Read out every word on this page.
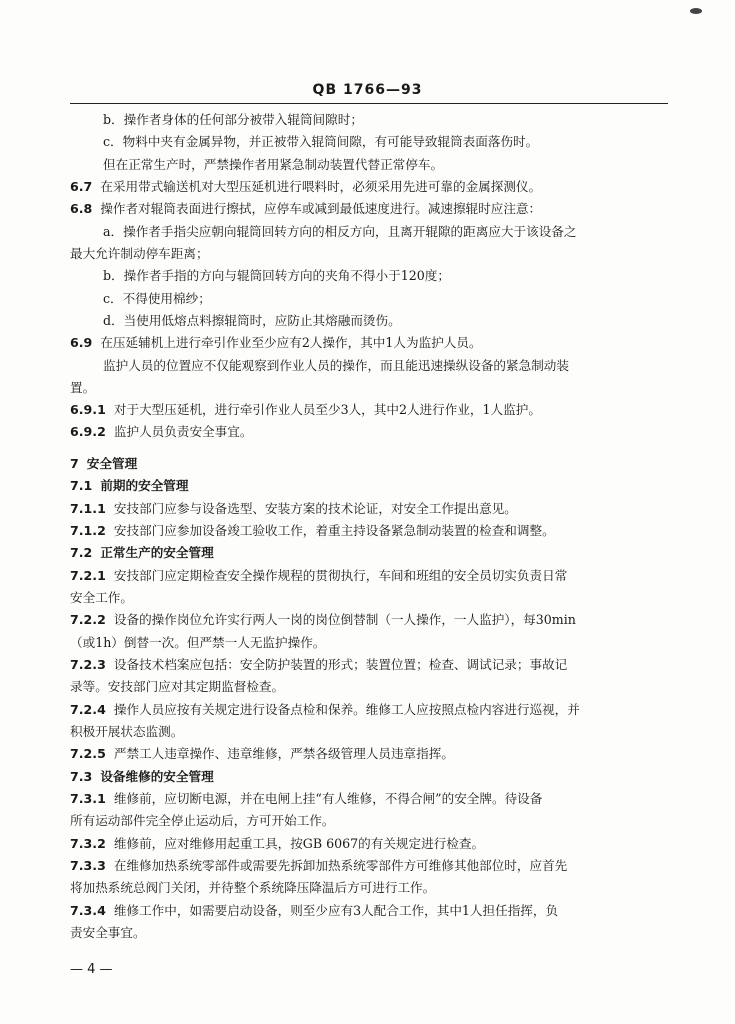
QB 1766—93
b．操作者身体的任何部分被带入辊筒间隙时；
c．物料中夹有金属异物，并正被带入辊筒间隙，有可能导致辊筒表面落伤时。
但在正常生产时，严禁操作者用紧急制动装置代替正常停车。
6.7 在采用带式输送机对大型压延机进行喂料时，必须采用先进可靠的金属探测仪。
6.8 操作者对辊筒表面进行擦拭，应停车或减到最低速度进行。减速擦辊时应注意：
a．操作者手指尖应朝向辊筒回转方向的相反方向，且离开辊隙的距离应大于该设备之
最大允许制动停车距离；
b．操作者手指的方向与辊筒回转方向的夹角不得小于120度；
c．不得使用棉纱；
d．当使用低熔点料擦辊筒时，应防止其熔融而烫伤。
6.9 在压延辅机上进行牵引作业至少应有2人操作，其中1人为监护人员。
监护人员的位置应不仅能观察到作业人员的操作，而且能迅速操纵设备的紧急制动装
置。
6.9.1 对于大型压延机，进行牵引作业人员至少3人，其中2人进行作业，1人监护。
6.9.2 监护人员负责安全事宜。
7 安全管理
7.1 前期的安全管理
7.1.1 安技部门应参与设备选型、安装方案的技术论证，对安全工作提出意见。
7.1.2 安技部门应参加设备竣工验收工作，着重主持设备紧急制动装置的检查和调整。
7.2 正常生产的安全管理
7.2.1 安技部门应定期检查安全操作规程的贯彻执行，车间和班组的安全员切实负责日常
安全工作。
7.2.2 设备的操作岗位允许实行两人一岗的岗位倒替制（一人操作，一人监护），每30min
（或1h）倒替一次。但严禁一人无监护操作。
7.2.3 设备技术档案应包括：安全防护装置的形式；装置位置；检查、调试记录；事故记
录等。安技部门应对其定期监督检查。
7.2.4 操作人员应按有关规定进行设备点检和保养。维修工人应按照点检内容进行巡视，并
积极开展状态监测。
7.2.5 严禁工人违章操作、违章维修，严禁各级管理人员违章指挥。
7.3 设备维修的安全管理
7.3.1 维修前，应切断电源，并在电闸上挂“有人维修，不得合闸”的安全牌。待设备
所有运动部件完全停止运动后，方可开始工作。
7.3.2 维修前，应对维修用起重工具，按GB 6067的有关规定进行检查。
7.3.3 在维修加热系统零部件或需要先拆卸加热系统零部件方可维修其他部位时，应首先
将加热系统总阀门关闭，并待整个系统降压降温后方可进行工作。
7.3.4 维修工作中，如需要启动设备，则至少应有3人配合工作，其中1人担任指挥，负
责安全事宜。
— 4 —
